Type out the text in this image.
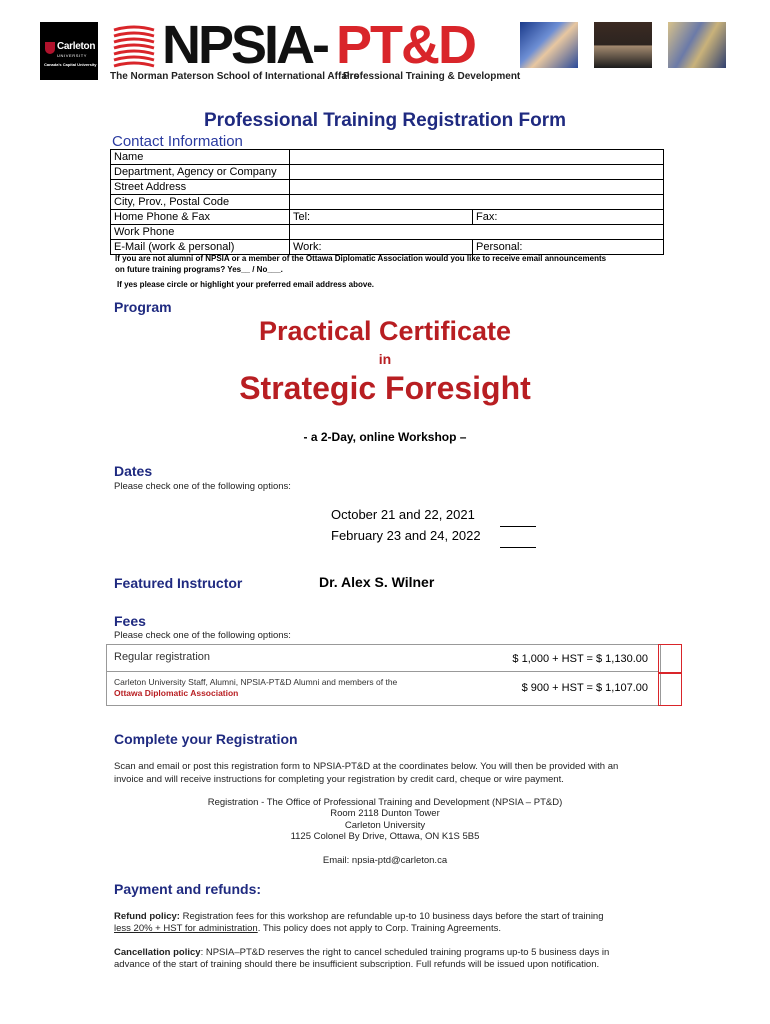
Carleton
UNIVERSITY
Canada's Capital University NPSIA- PT&D
The Norman Paterson School of International Affairs
Professional Training & Development
Professional Training Registration Form
Contact Information
Name		
Department, Agency or Company		
Street Address		
City, Prov., Postal Code		
Home Phone & Fax	Tel:	Fax:
Work Phone		
E-Mail (work & personal)	Work:	Personal:
If you are not alumni of NPSIA or a member of the Ottawa Diplomatic Association would you like to receive email announcements
on future training programs? Yes__ / No___.
If yes please circle or highlight your preferred email address above.
Program
Practical Certificate
in
Strategic Foresight
- a 2-Day, online Workshop –
Dates
Please check one of the following options:
October 21 and 22, 2021
February 23 and 24, 2022
Featured Instructor	Dr. Alex S. Wilner
Fees
Please check one of the following options:
Regular registration	$ 1,000 + HST = $ 1,130.00
Carleton University Staff, Alumni, NPSIA-PT&D Alumni and members of the
Ottawa Diplomatic Association	$ 900 + HST = $ 1,107.00
Complete your Registration
Scan and email or post this registration form to NPSIA-PT&D at the coordinates below. You will then be provided with an
invoice and will receive instructions for completing your registration by credit card, cheque or wire payment.
Registration - The Office of Professional Training and Development (NPSIA – PT&D)
Room 2118 Dunton Tower
Carleton University
1125 Colonel By Drive, Ottawa, ON K1S 5B5
Email: npsia-ptd@carleton.ca
Payment and refunds:
Refund policy: Registration fees for this workshop are refundable up-to 10 business days before the start of training
less 20% + HST for administration. This policy does not apply to Corp. Training Agreements.
Cancellation policy: NPSIA–PT&D reserves the right to cancel scheduled training programs up-to 5 business days in
advance of the start of training should there be insufficient subscription. Full refunds will be issued upon notification.
